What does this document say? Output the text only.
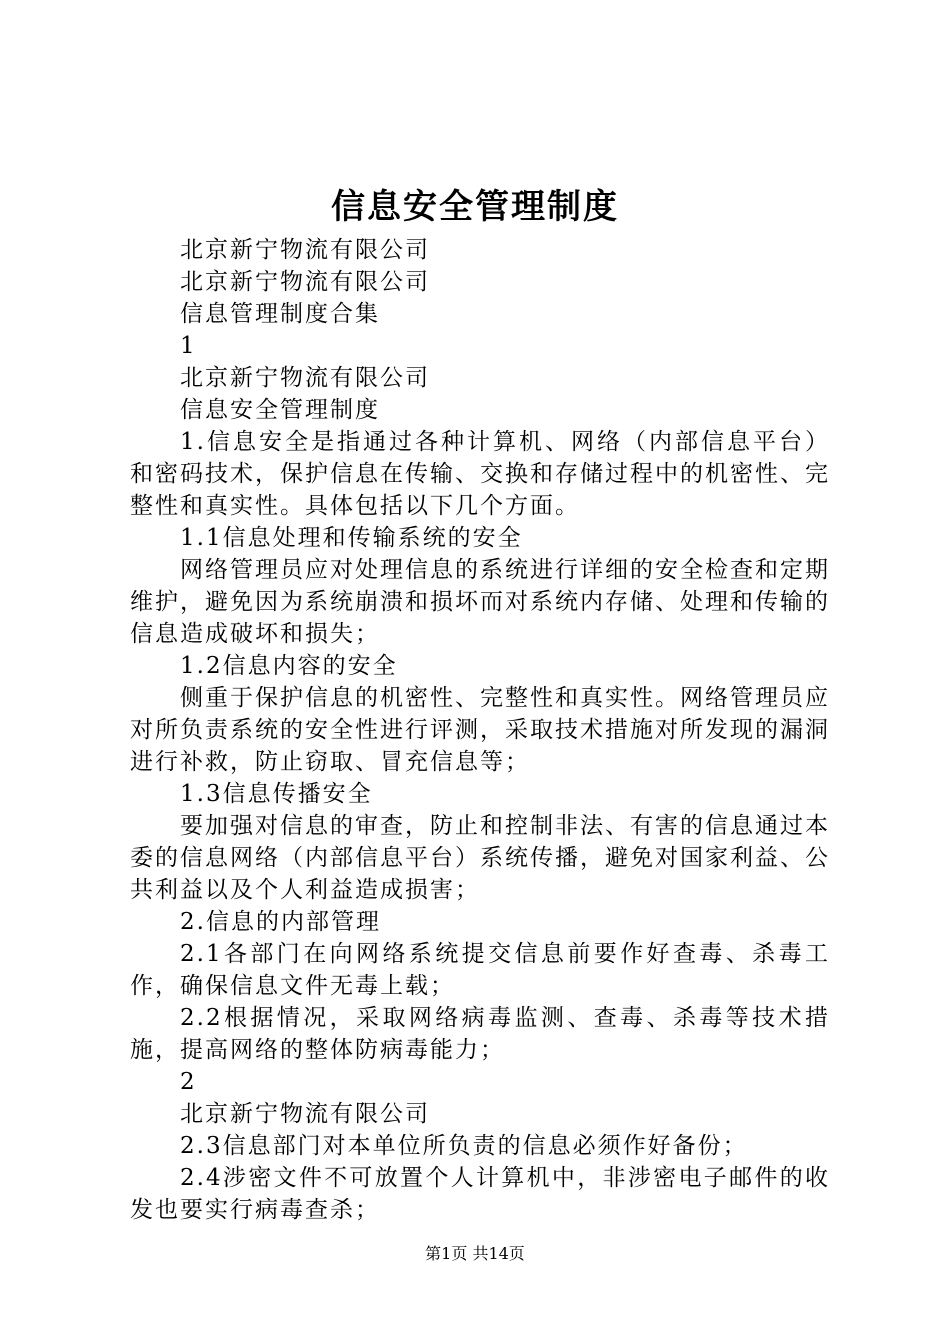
信息安全管理制度
北京新宁物流有限公司
北京新宁物流有限公司
信息管理制度合集
1
北京新宁物流有限公司
信息安全管理制度

1.信息安全是指通过各种计算机、网络（内部信息平台）和密码技术，保护信息在传输、交换和存储过程中的机密性、完整性和真实性。具体包括以下几个方面。

1.1信息处理和传输系统的安全

网络管理员应对处理信息的系统进行详细的安全检查和定期维护，避免因为系统崩溃和损坏而对系统内存储、处理和传输的信息造成破坏和损失；

1.2信息内容的安全

侧重于保护信息的机密性、完整性和真实性。网络管理员应对所负责系统的安全性进行评测，采取技术措施对所发现的漏洞进行补救，防止窃取、冒充信息等；

1.3信息传播安全

要加强对信息的审查，防止和控制非法、有害的信息通过本委的信息网络（内部信息平台）系统传播，避免对国家利益、公共利益以及个人利益造成损害；

2.信息的内部管理

2.1各部门在向网络系统提交信息前要作好查毒、杀毒工作，确保信息文件无毒上载；

2.2根据情况，采取网络病毒监测、查毒、杀毒等技术措施，提高网络的整体防病毒能力；

2
北京新宁物流有限公司

2.3信息部门对本单位所负责的信息必须作好备份；

2.4涉密文件不可放置个人计算机中，非涉密电子邮件的收发也要实行病毒查杀；

第1页 共14页
